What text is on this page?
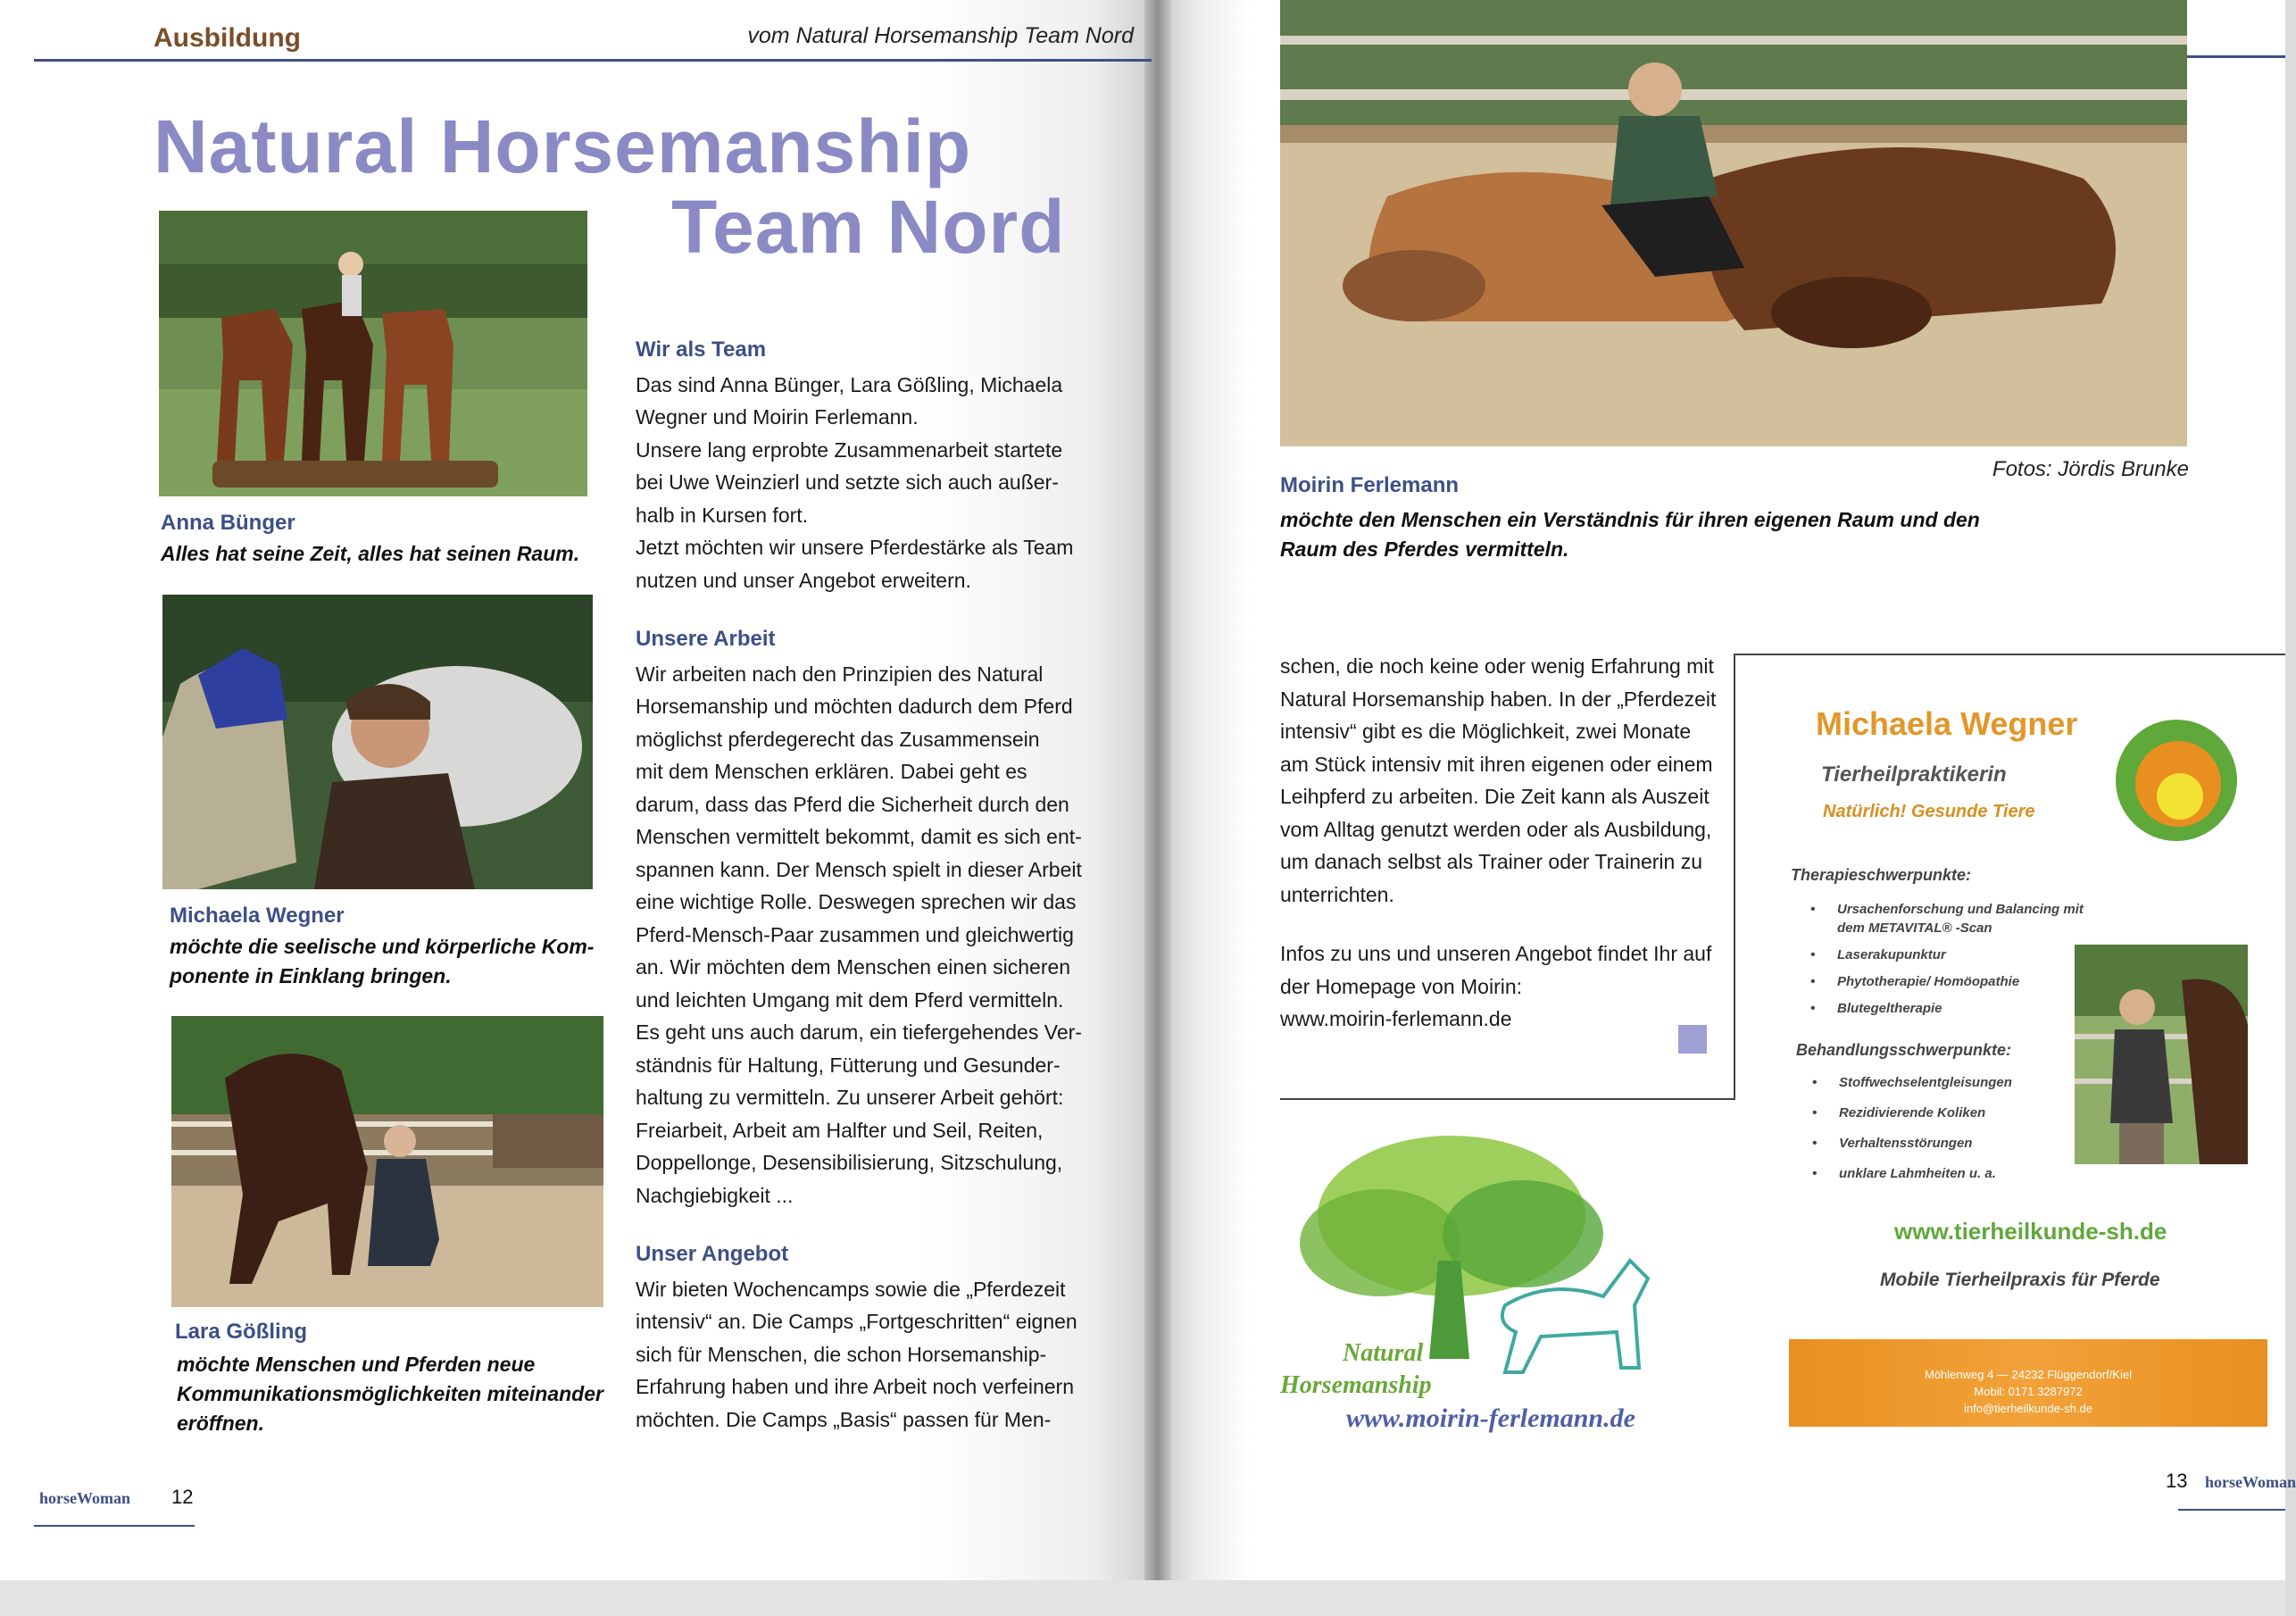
Ausbildung	vom Natural Horsemanship Team Nord
Natural Horsemanship
Team Nord
Anna Bünger
Alles hat seine Zeit, alles hat seinen Raum.
Michaela Wegner
möchte die seelische und körperliche Kom-
ponente in Einklang bringen.
Lara Gößling
möchte Menschen und Pferden neue
Kommunikationsmöglichkeiten miteinander
eröffnen.
Wir als Team

Das sind Anna Bünger, Lara Gößling, Michaela

Wegner und Moirin Ferlemann.

Unsere lang erprobte Zusammenarbeit startete

bei Uwe Weinzierl und setzte sich auch außer-

halb in Kursen fort.

Jetzt möchten wir unsere Pferdestärke als Team

nutzen und unser Angebot erweitern.

Unsere Arbeit

Wir arbeiten nach den Prinzipien des Natural

Horsemanship und möchten dadurch dem Pferd

möglichst pferdegerecht das Zusammensein

mit dem Menschen erklären. Dabei geht es

darum, dass das Pferd die Sicherheit durch den

Menschen vermittelt bekommt, damit es sich ent-

spannen kann. Der Mensch spielt in dieser Arbeit

eine wichtige Rolle. Deswegen sprechen wir das

Pferd-Mensch-Paar zusammen und gleichwertig

an. Wir möchten dem Menschen einen sicheren

und leichten Umgang mit dem Pferd vermitteln.

Es geht uns auch darum, ein tiefergehendes Ver-

ständnis für Haltung, Fütterung und Gesunder-

haltung zu vermitteln. Zu unserer Arbeit gehört:

Freiarbeit, Arbeit am Halfter und Seil, Reiten,

Doppellonge, Desensibilisierung, Sitzschulung,

Nachgiebigkeit ...

Unser Angebot

Wir bieten Wochencamps sowie die „Pferdezeit

intensiv“ an. Die Camps „Fortgeschritten“ eignen

sich für Menschen, die schon Horsemanship-

Erfahrung haben und ihre Arbeit noch verfeinern

möchten. Die Camps „Basis“ passen für Men-

horseWoman 12
Fotos: Jördis Brunke
Moirin Ferlemann
möchte den Menschen ein Verständnis für ihren eigenen Raum und den
Raum des Pferdes vermitteln.

schen, die noch keine oder wenig Erfahrung mit

Natural Horsemanship haben. In der „Pferdezeit

intensiv“ gibt es die Möglichkeit, zwei Monate

am Stück intensiv mit ihren eigenen oder einem

Leihpferd zu arbeiten. Die Zeit kann als Auszeit

vom Alltag genutzt werden oder als Ausbildung,

um danach selbst als Trainer oder Trainerin zu

unterrichten.

Infos zu uns und unseren Angebot findet Ihr auf

der Homepage von Moirin:

www.moirin-ferlemann.de

Michaela Wegner
Tierheilpraktikerin
Natürlich! Gesunde Tiere
Therapieschwerpunkte:
• Ursachenforschung und Balancing mit dem METAVITAL® -Scan
• Laserakupunktur
• Phytotherapie/ Homöopathie
• Blutegeltherapie
Behandlungsschwerpunkte:
• Stoffwechselentgleisungen
• Rezidivierende Koliken
• Verhaltensstörungen
• unklare Lahmheiten u. a.
www.tierheilkunde-sh.de
Mobile Tierheilpraxis für Pferde
Möhlenweg 4 — 24232 Flüggendorf/Kiel
Mobil: 0171 3287972
info@tierheilkunde-sh.de
Natural
Horsemanship
www.moirin-ferlemann.de
13 horseWoman
